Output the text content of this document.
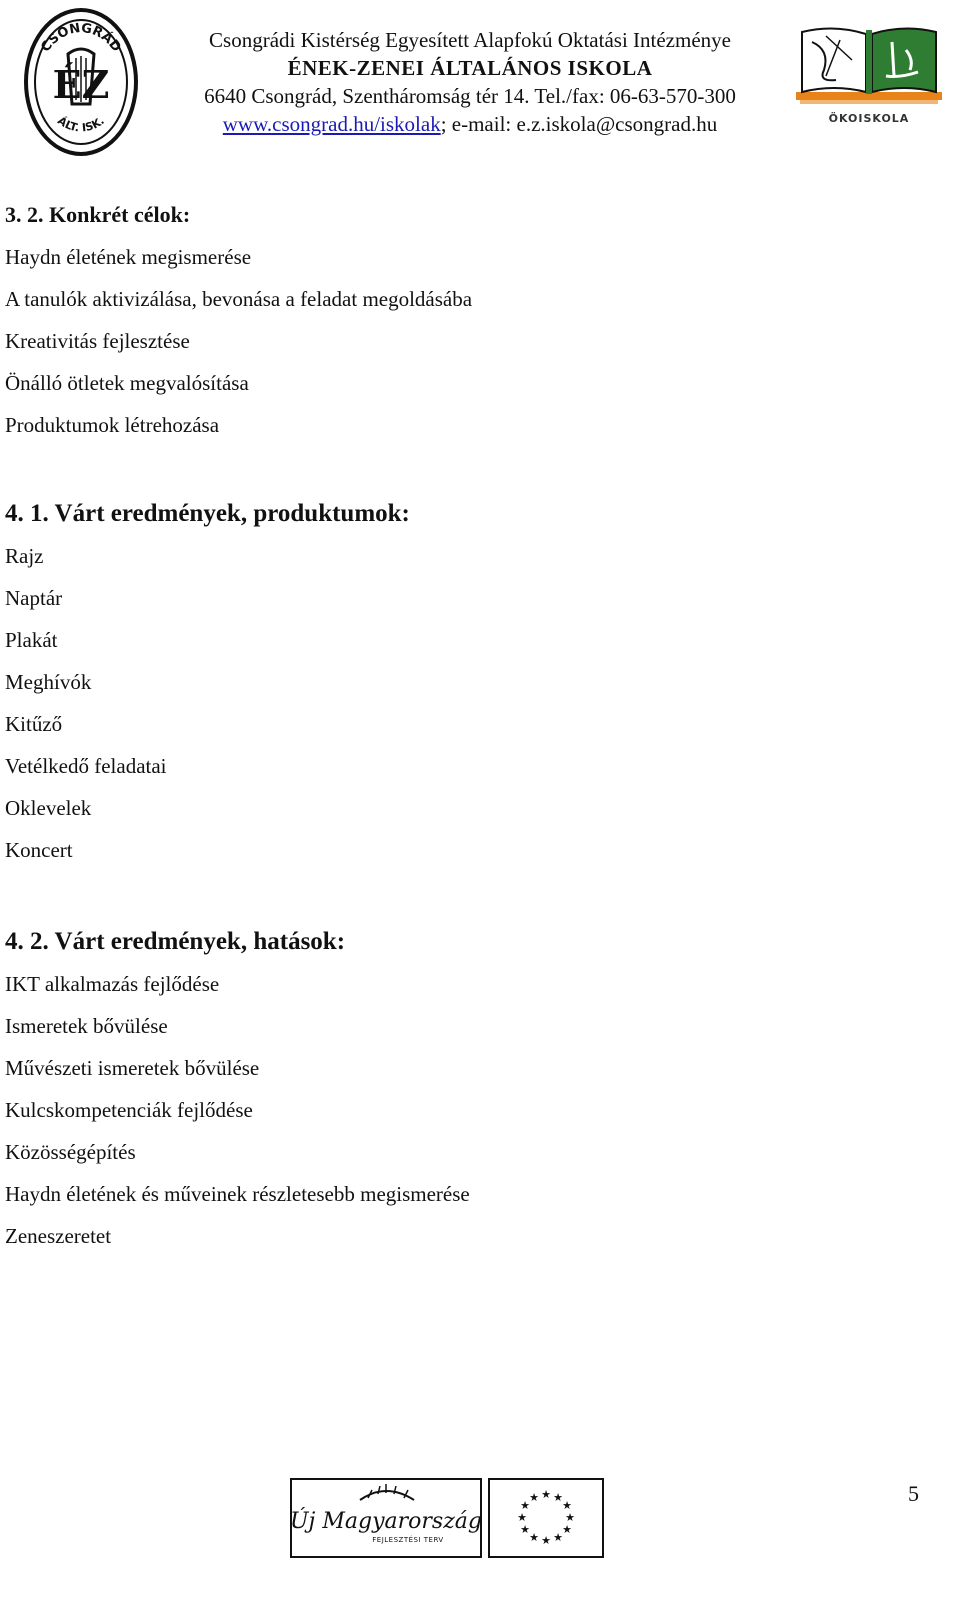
CSONGRÁD
ÁLT. ISK.
ÉZ
Csongrádi Kistérség Egyesített Alapfokú Oktatási Intézménye
ÉNEK-ZENEI ÁLTALÁNOS ISKOLA
6640 Csongrád, Szentháromság tér 14. Tel./fax: 06-63-570-300
www.csongrad.hu/iskolak; e-mail: e.z.iskola@csongrad.hu	ÖKOISKOLA

3. 2. Konkrét célok:

Haydn életének megismerése
A tanulók aktivizálása, bevonása a feladat megoldásába
Kreativitás fejlesztése
Önálló ötletek megvalósítása
Produktumok létrehozása

4. 1. Várt eredmények, produktumok:

Rajz
Naptár
Plakát
Meghívók
Kitűző
Vetélkedő feladatai
Oklevelek
Koncert

4. 2. Várt eredmények, hatások:

IKT alkalmazás fejlődése
Ismeretek bővülése
Művészeti ismeretek bővülése
Kulcskompetenciák fejlődése
Közösségépítés
Haydn életének és műveinek részletesebb megismerése
Zeneszeretet
Új Magyarország
FEJLESZTÉSI TERV
★ ★
★
★
★
★
★
★
★
★
★
★	5
